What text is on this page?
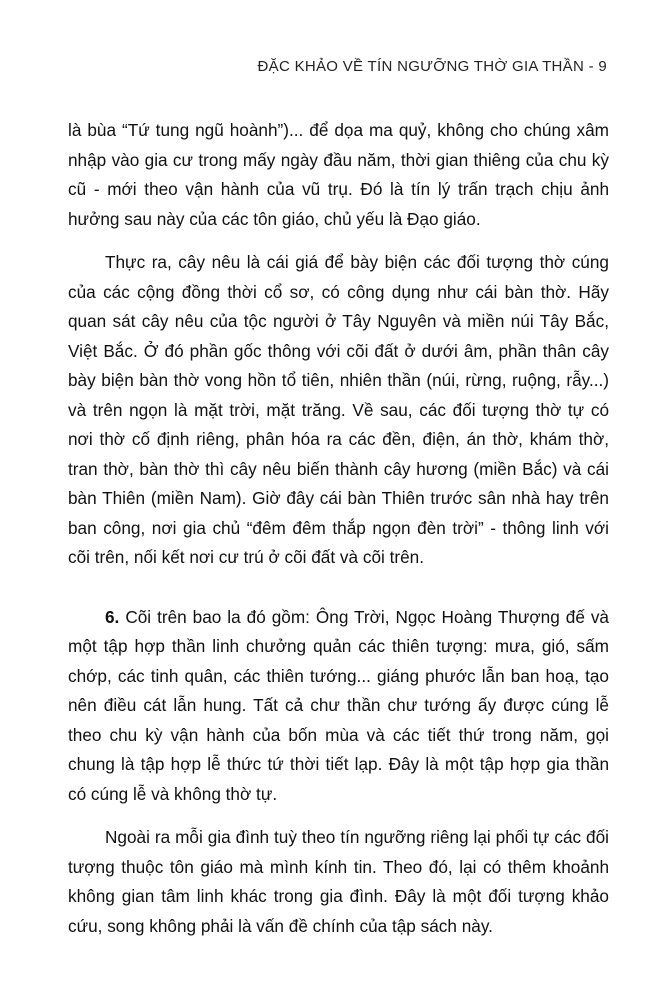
ĐẶC KHẢO VỀ TÍN NGƯỠNG THỜ GIA THẦN - 9

là bùa “Tứ tung ngũ hoành”)... để dọa ma quỷ, không cho chúng xâm nhập vào gia cư trong mấy ngày đầu năm, thời gian thiêng của chu kỳ cũ - mới theo vận hành của vũ trụ. Đó là tín lý trấn trạch chịu ảnh hưởng sau này của các tôn giáo, chủ yếu là Đạo giáo.

Thực ra, cây nêu là cái giá để bày biện các đối tượng thờ cúng của các cộng đồng thời cổ sơ, có công dụng như cái bàn thờ. Hãy quan sát cây nêu của tộc người ở Tây Nguyên và miền núi Tây Bắc, Việt Bắc. Ở đó phần gốc thông với cõi đất ở dưới âm, phần thân cây bày biện bàn thờ vong hồn tổ tiên, nhiên thần (núi, rừng, ruộng, rẫy...) và trên ngọn là mặt trời, mặt trăng. Về sau, các đối tượng thờ tự có nơi thờ cố định riêng, phân hóa ra các đền, điện, án thờ, khám thờ, tran thờ, bàn thờ thì cây nêu biến thành cây hương (miền Bắc) và cái bàn Thiên (miền Nam). Giờ đây cái bàn Thiên trước sân nhà hay trên ban công, nơi gia chủ “đêm đêm thắp ngọn đèn trời” - thông linh với cõi trên, nối kết nơi cư trú ở cõi đất và cõi trên.

6. Cõi trên bao la đó gồm: Ông Trời, Ngọc Hoàng Thượng đế và một tập hợp thần linh chưởng quản các thiên tượng: mưa, gió, sấm chớp, các tinh quân, các thiên tướng... giáng phước lẫn ban hoạ, tạo nên điều cát lẫn hung. Tất cả chư thần chư tướng ấy được cúng lễ theo chu kỳ vận hành của bốn mùa và các tiết thứ trong năm, gọi chung là tập hợp lễ thức tứ thời tiết lạp. Đây là một tập hợp gia thần có cúng lễ và không thờ tự.

Ngoài ra mỗi gia đình tuỳ theo tín ngưỡng riêng lại phối tự các đối tượng thuộc tôn giáo mà mình kính tin. Theo đó, lại có thêm khoảnh không gian tâm linh khác trong gia đình. Đây là một đối tượng khảo cứu, song không phải là vấn đề chính của tập sách này.
